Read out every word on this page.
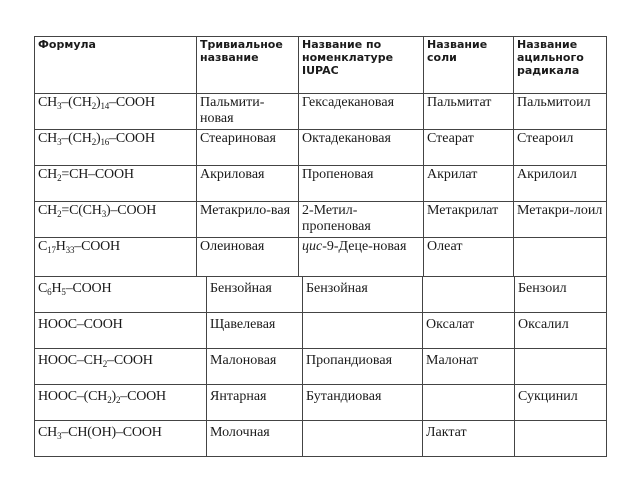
Формула	Тривиальное название	Название по номенклатуре IUPAC	Название соли	Название ацильного радикала
$CH_3-(CH_2)_{14}$–COOH	Пальмити-новая	Гексадекановая	Пальмитат	Пальмитоил
$CH_3-(CH_2)_{16}$–COOH	Стеариновая	Октадекановая	Стеарат	Стеароил
$CH_2=CH$–COOH	Акриловая	Пропеновая	Акрилат	Акрилоил
$CH_2=C(CH_3)$–COOH	Метакрило-вая	2-Метил-пропеновая	Метакрилат	Метакри-лоил
$C_{17}H_{33}$–COOH	Олеиновая	цис-9-Децe-новая	Олеат	
$C_6H_5$–COOH	Бензойная	Бензойная		Бензоил
HOOC–COOH	Щавелевая		Оксалат	Оксалил
HOOC–$CH_2$–COOH	Малоновая	Пропандиовая	Малонат	
HOOC–$(CH_2)_2$–COOH	Янтарная	Бутандиовая		Сукцинил
$CH_3-CH(OH)$–COOH	Молочная		Лактат	
